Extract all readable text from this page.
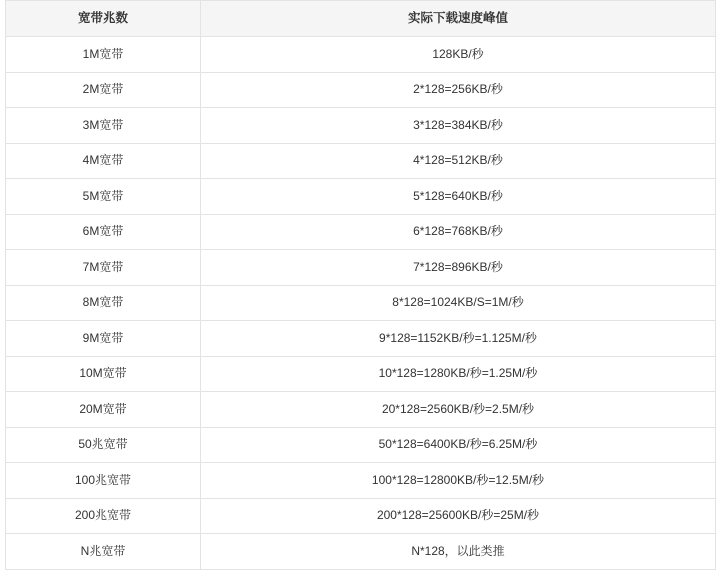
宽带兆数	实际下载速度峰值
1M宽带	128KB/秒
2M宽带	2*128=256KB/秒
3M宽带	3*128=384KB/秒
4M宽带	4*128=512KB/秒
5M宽带	5*128=640KB/秒
6M宽带	6*128=768KB/秒
7M宽带	7*128=896KB/秒
8M宽带	8*128=1024KB/S=1M/秒
9M宽带	9*128=1152KB/秒=1.125M/秒
10M宽带	10*128=1280KB/秒=1.25M/秒
20M宽带	20*128=2560KB/秒=2.5M/秒
50兆宽带	50*128=6400KB/秒=6.25M/秒
100兆宽带	100*128=12800KB/秒=12.5M/秒
200兆宽带	200*128=25600KB/秒=25M/秒
N兆宽带	N*128，以此类推
